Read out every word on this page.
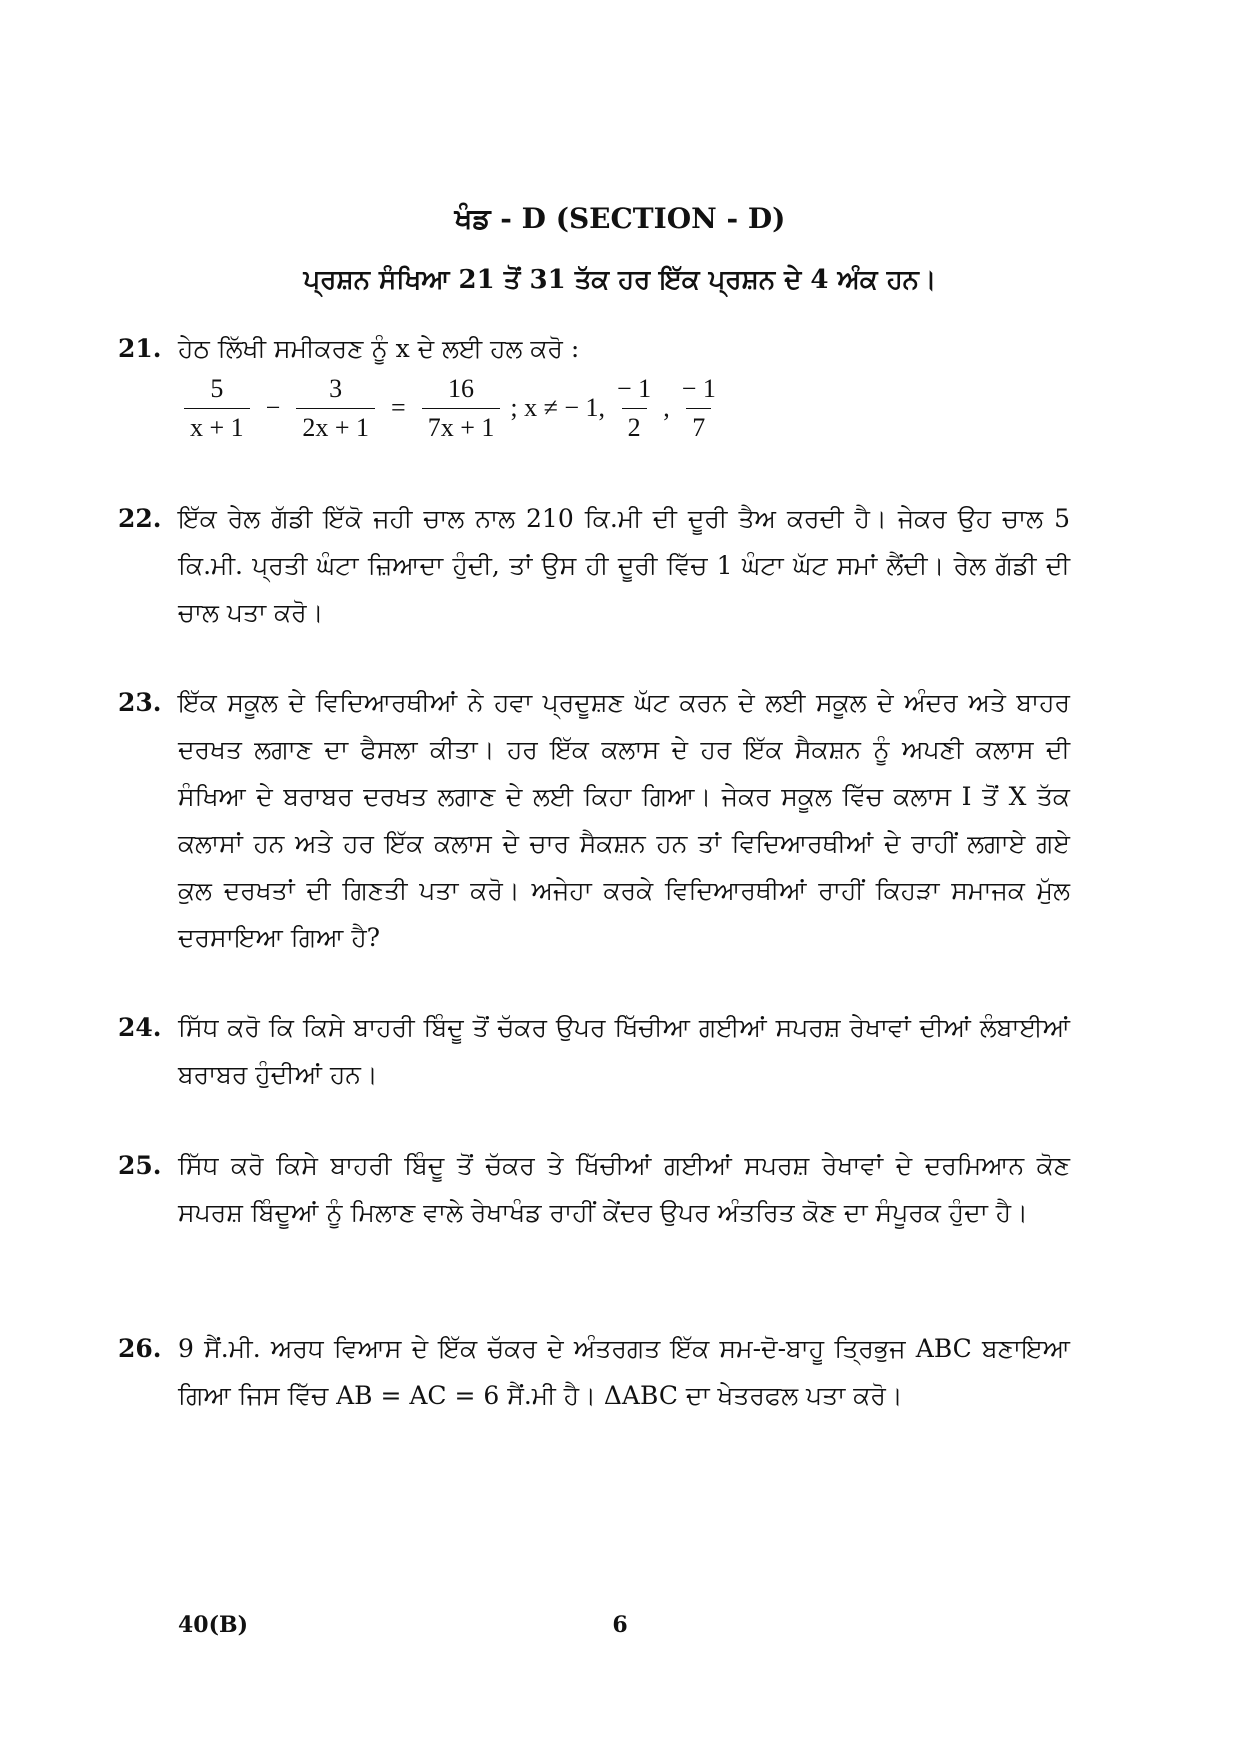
ਖੰਡ - D (SECTION - D)
ਪ੍ਰਸ਼ਨ ਸੰਖਿਆ 21 ਤੋਂ 31 ਤੱਕ ਹਰ ਇੱਕ ਪ੍ਰਸ਼ਨ ਦੇ 4 ਅੰਕ ਹਨ।
21. ਹੇਠ ਲਿੱਖੀ ਸਮੀਕਰਣ ਨੂੰ x ਦੇ ਲਈ ਹਲ ਕਰੋ :
$\frac{5}{x + 1} - \frac{3}{2x + 1} = \frac{16}{7x + 1}$ ; x ≠ − 1, $\frac{- 1}{2}$ , $\frac{- 1}{7}$
22. ਇੱਕ ਰੇਲ ਗੱਡੀ ਇੱਕੋ ਜਹੀ ਚਾਲ ਨਾਲ 210 ਕਿ.ਮੀ ਦੀ ਦੂਰੀ ਤੈਅ ਕਰਦੀ ਹੈ। ਜੇਕਰ ਉਹ ਚਾਲ 5 ਕਿ.ਮੀ. ਪ੍ਰਤੀ ਘੰਟਾ ਜ਼ਿਆਦਾ ਹੁੰਦੀ, ਤਾਂ ਉਸ ਹੀ ਦੂਰੀ ਵਿੱਚ 1 ਘੰਟਾ ਘੱਟ ਸਮਾਂ ਲੈਂਦੀ। ਰੇਲ ਗੱਡੀ ਦੀ ਚਾਲ ਪਤਾ ਕਰੋ।
23. ਇੱਕ ਸਕੂਲ ਦੇ ਵਿਦਿਆਰਥੀਆਂ ਨੇ ਹਵਾ ਪ੍ਰਦੂਸ਼ਣ ਘੱਟ ਕਰਨ ਦੇ ਲਈ ਸਕੂਲ ਦੇ ਅੰਦਰ ਅਤੇ ਬਾਹਰ ਦਰਖਤ ਲਗਾਣ ਦਾ ਫੈਸਲਾ ਕੀਤਾ। ਹਰ ਇੱਕ ਕਲਾਸ ਦੇ ਹਰ ਇੱਕ ਸੈਕਸ਼ਨ ਨੂੰ ਅਪਣੀ ਕਲਾਸ ਦੀ ਸੰਖਿਆ ਦੇ ਬਰਾਬਰ ਦਰਖਤ ਲਗਾਣ ਦੇ ਲਈ ਕਿਹਾ ਗਿਆ। ਜੇਕਰ ਸਕੂਲ ਵਿੱਚ ਕਲਾਸ I ਤੋਂ X ਤੱਕ ਕਲਾਸਾਂ ਹਨ ਅਤੇ ਹਰ ਇੱਕ ਕਲਾਸ ਦੇ ਚਾਰ ਸੈਕਸ਼ਨ ਹਨ ਤਾਂ ਵਿਦਿਆਰਥੀਆਂ ਦੇ ਰਾਹੀਂ ਲਗਾਏ ਗਏ ਕੁਲ ਦਰਖਤਾਂ ਦੀ ਗਿਣਤੀ ਪਤਾ ਕਰੋ। ਅਜੇਹਾ ਕਰਕੇ ਵਿਦਿਆਰਥੀਆਂ ਰਾਹੀਂ ਕਿਹੜਾ ਸਮਾਜਕ ਮੁੱਲ ਦਰਸਾਇਆ ਗਿਆ ਹੈ?
24. ਸਿੱਧ ਕਰੋ ਕਿ ਕਿਸੇ ਬਾਹਰੀ ਬਿੰਦੂ ਤੋਂ ਚੱਕਰ ਉਪਰ ਖਿੱਚੀਆ ਗਈਆਂ ਸਪਰਸ਼ ਰੇਖਾਵਾਂ ਦੀਆਂ ਲੰਬਾਈਆਂ ਬਰਾਬਰ ਹੁੰਦੀਆਂ ਹਨ।
25. ਸਿੱਧ ਕਰੋ ਕਿਸੇ ਬਾਹਰੀ ਬਿੰਦੂ ਤੋਂ ਚੱਕਰ ਤੇ ਖਿੱਚੀਆਂ ਗਈਆਂ ਸਪਰਸ਼ ਰੇਖਾਵਾਂ ਦੇ ਦਰਮਿਆਨ ਕੋਣ ਸਪਰਸ਼ ਬਿੰਦੂਆਂ ਨੂੰ ਮਿਲਾਣ ਵਾਲੇ ਰੇਖਾਖੰਡ ਰਾਹੀਂ ਕੇਂਦਰ ਉਪਰ ਅੰਤਰਿਤ ਕੋਣ ਦਾ ਸੰਪੂਰਕ ਹੁੰਦਾ ਹੈ।
26. 9 ਸੈਂ.ਮੀ. ਅਰਧ ਵਿਆਸ ਦੇ ਇੱਕ ਚੱਕਰ ਦੇ ਅੰਤਰਗਤ ਇੱਕ ਸਮ-ਦੋ-ਬਾਹੂ ਤ੍ਰਿਭੁਜ ABC ਬਣਾਇਆ ਗਿਆ ਜਿਸ ਵਿੱਚ AB = AC = 6 ਸੈਂ.ਮੀ ਹੈ। ΔABC ਦਾ ਖੇਤਰਫਲ ਪਤਾ ਕਰੋ।
40(B)	6
